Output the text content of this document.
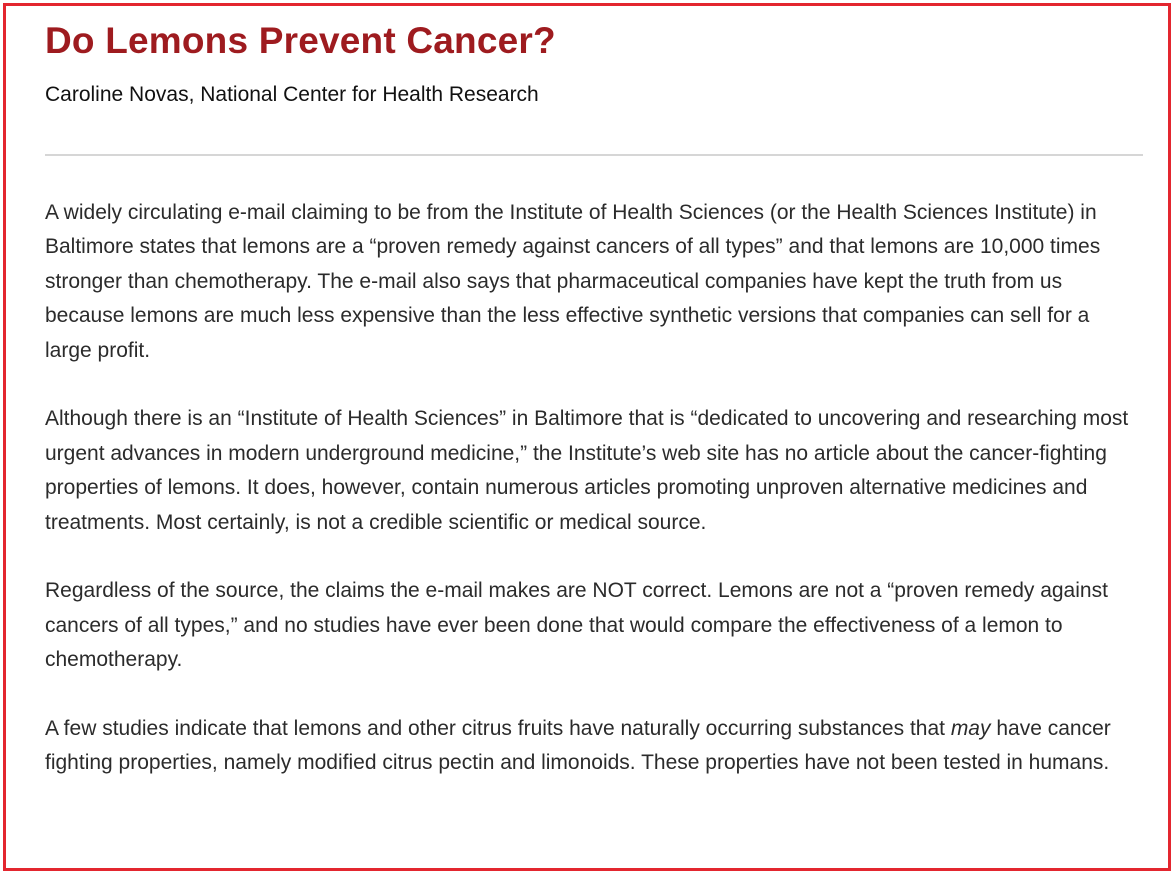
Do Lemons Prevent Cancer?
Caroline Novas, National Center for Health Research

A widely circulating e-mail claiming to be from the Institute of Health Sciences (or the Health Sciences Institute) in Baltimore states that lemons are a “proven remedy against cancers of all types” and that lemons are 10,000 times stronger than chemotherapy. The e-mail also says that pharmaceutical companies have kept the truth from us because lemons are much less expensive than the less effective synthetic versions that companies can sell for a large profit.

Although there is an “Institute of Health Sciences” in Baltimore that is “dedicated to uncovering and researching most urgent advances in modern underground medicine,” the Institute’s web site has no article about the cancer-fighting properties of lemons. It does, however, contain numerous articles promoting unproven alternative medicines and treatments. Most certainly, is not a credible scientific or medical source.

Regardless of the source, the claims the e-mail makes are NOT correct. Lemons are not a “proven remedy against cancers of all types,” and no studies have ever been done that would compare the effectiveness of a lemon to chemotherapy.

A few studies indicate that lemons and other citrus fruits have naturally occurring substances that may have cancer fighting properties, namely modified citrus pectin and limonoids. These properties have not been tested in humans.
